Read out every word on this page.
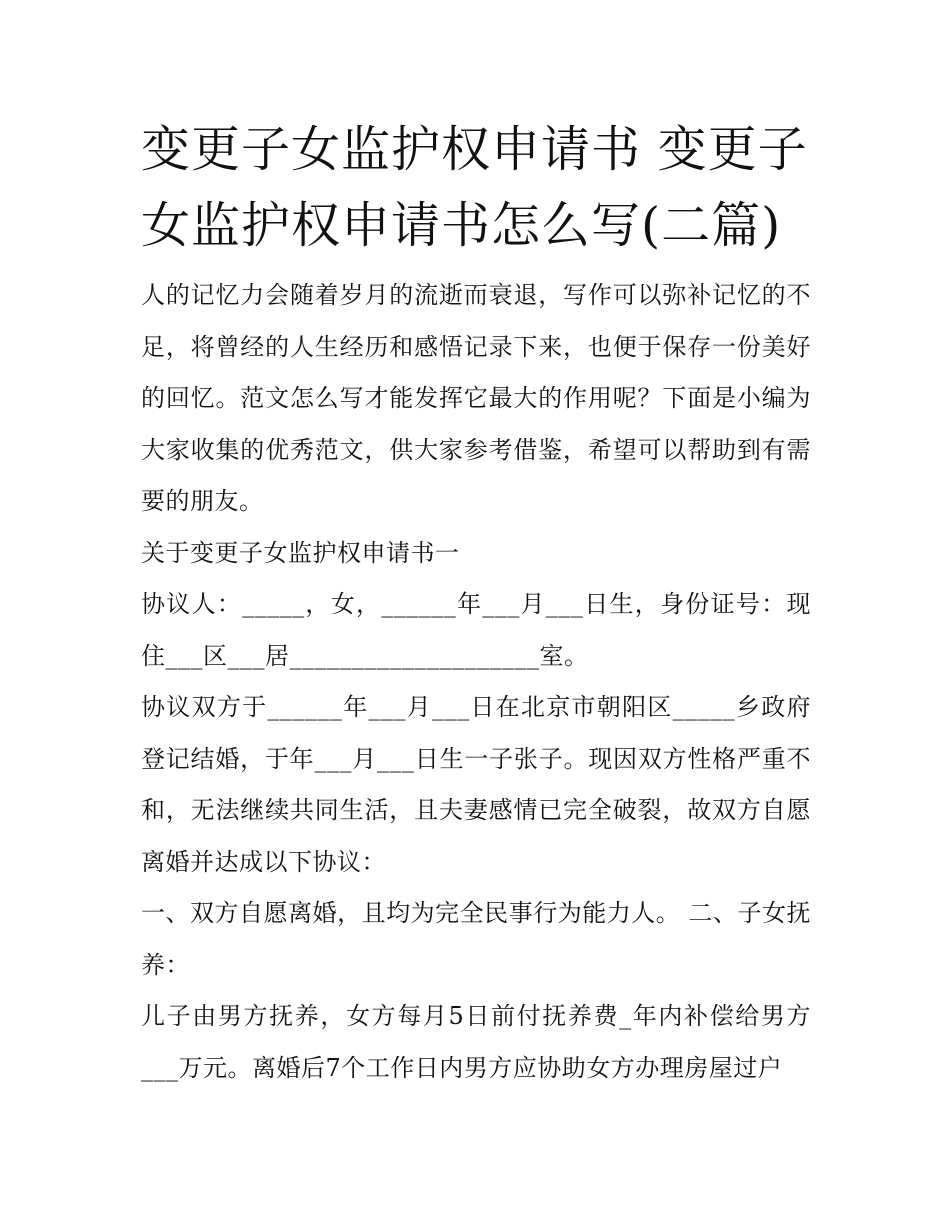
变更子女监护权申请书 变更子女监护权申请书怎么写(二篇)

人的记忆力会随着岁月的流逝而衰退，写作可以弥补记忆的不足，将曾经的人生经历和感悟记录下来，也便于保存一份美好的回忆。范文怎么写才能发挥它最大的作用呢？下面是小编为大家收集的优秀范文，供大家参考借鉴，希望可以帮助到有需要的朋友。

关于变更子女监护权申请书一

协议人：_____，女，______年___月___日生，身份证号：现住___区___居____________________室。

协议双方于______年___月___日在北京市朝阳区_____乡政府登记结婚，于年___月___日生一子张子。现因双方性格严重不和，无法继续共同生活，且夫妻感情已完全破裂，故双方自愿离婚并达成以下协议：

一、双方自愿离婚，且均为完全民事行为能力人。 二、子女抚养：

儿子由男方抚养，女方每月5日前付抚养费_年内补偿给男方___万元。离婚后7个工作日内男方应协助女方办理房屋过户
